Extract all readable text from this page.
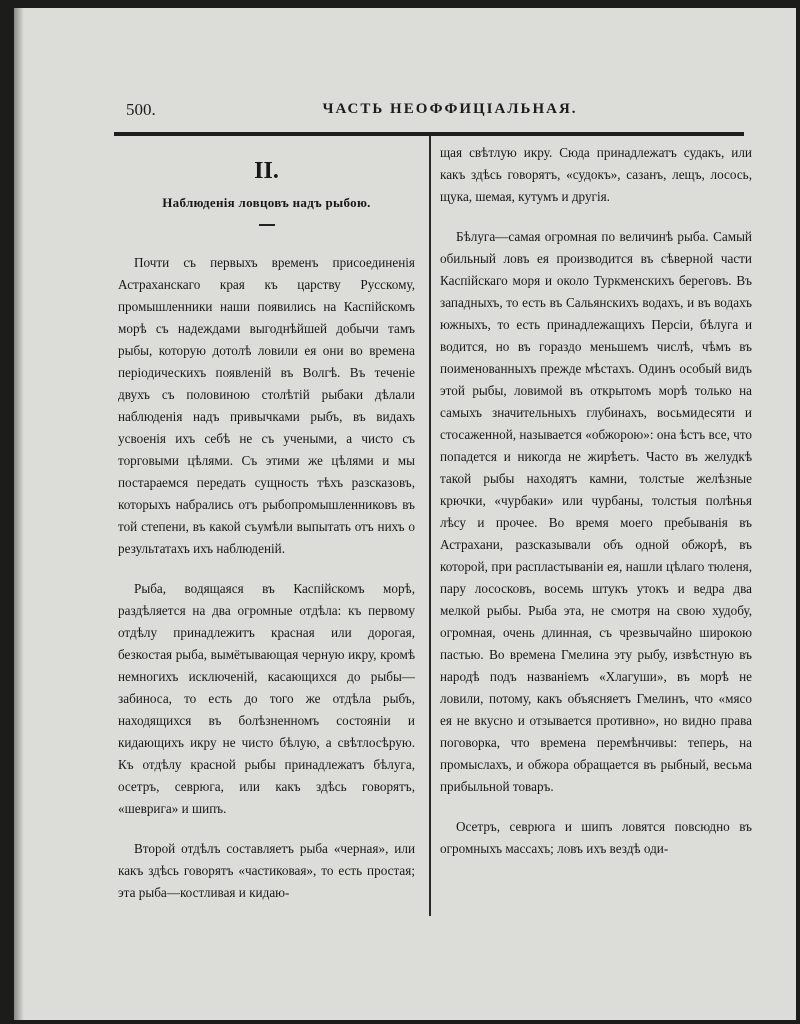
500.	ЧАСТЬ НЕОФФИЦІАЛЬНАЯ.
II.
Наблюденія ловцовъ надъ рыбою.

Почти съ первыхъ временъ присоединенія Астраханскаго края къ царству Русскому, промышленники наши появились на Каспійскомъ морѣ съ надеждами выгоднѣйшей добычи тамъ рыбы, которую дотолѣ ловили ея они во времена періодическихъ появленій въ Волгѣ. Въ теченіе двухъ съ половиною столѣтій рыбаки дѣлали наблюденія надъ привычками рыбъ, въ видахъ усвоенія ихъ себѣ не съ учеными, а чисто съ торговыми цѣлями. Съ этими же цѣлями и мы постараемся передать сущность тѣхъ разсказовъ, которыхъ набрались отъ рыбопромышленниковъ въ той степени, въ какой съумѣли выпытать отъ нихъ о результатахъ ихъ наблюденій.

Рыба, водящаяся въ Каспійскомъ морѣ, раздѣляется на два огромные отдѣла: къ первому отдѣлу принадлежитъ красная или дорогая, безкостая рыба, вымётывающая черную икру, кромѣ немногихъ исключеній, касающихся до рыбы—забиноса, то есть до того же отдѣла рыбъ, находящихся въ болѣзненномъ состояніи и кидающихъ икру не чисто бѣлую, а свѣтлосѣрую. Къ отдѣлу красной рыбы принадлежатъ бѣлуга, осетръ, севрюга, или какъ здѣсь говорятъ, «шеврига» и шипъ.

Второй отдѣлъ составляетъ рыба «черная», или какъ здѣсь говорятъ «частиковая», то есть простая; эта рыба—костливая и кидаю-

щая свѣтлую икру. Сюда принадлежатъ судакъ, или какъ здѣсь говорятъ, «судокъ», сазанъ, лещъ, лосось, щука, шемая, кутумъ и другія.

Бѣлуга—самая огромная по величинѣ рыба. Самый обильный ловъ ея производится въ сѣверной части Каспійскаго моря и около Туркменскихъ береговъ. Въ западныхъ, то есть въ Сальянскихъ водахъ, и въ водахъ южныхъ, то есть принадлежащихъ Персіи, бѣлуга и водится, но въ гораздо меньшемъ числѣ, чѣмъ въ поименованныхъ прежде мѣстахъ. Одинъ особый видъ этой рыбы, ловимой въ открытомъ морѣ только на самыхъ значительныхъ глубинахъ, восьмидесяти и стосаженной, называется «обжорою»: она ѣстъ все, что попадется и никогда не жирѣетъ. Часто въ желудкѣ такой рыбы находятъ камни, толстые желѣзные крючки, «чурбаки» или чурбаны, толстыя полѣнья лѣсу и прочее. Во время моего пребыванія въ Астрахани, разсказывали объ одной обжорѣ, въ которой, при распластываніи ея, нашли цѣлаго тюленя, пару лососковъ, восемь штукъ утокъ и ведра два мелкой рыбы. Рыба эта, не смотря на свою худобу, огромная, очень длинная, съ чрезвычайно широкою пастью. Во времена Гмелина эту рыбу, извѣстную въ народѣ подъ названіемъ «Хлагуши», въ морѣ не ловили, потому, какъ объясняетъ Гмелинъ, что «мясо ея не вкусно и отзывается противно», но видно права поговорка, что времена перемѣнчивы: теперь, на промыслахъ, и обжора обращается въ рыбный, весьма прибыльной товаръ.

Осетръ, севрюга и шипъ ловятся повсюдно въ огромныхъ массахъ; ловъ ихъ вездѣ оди-
